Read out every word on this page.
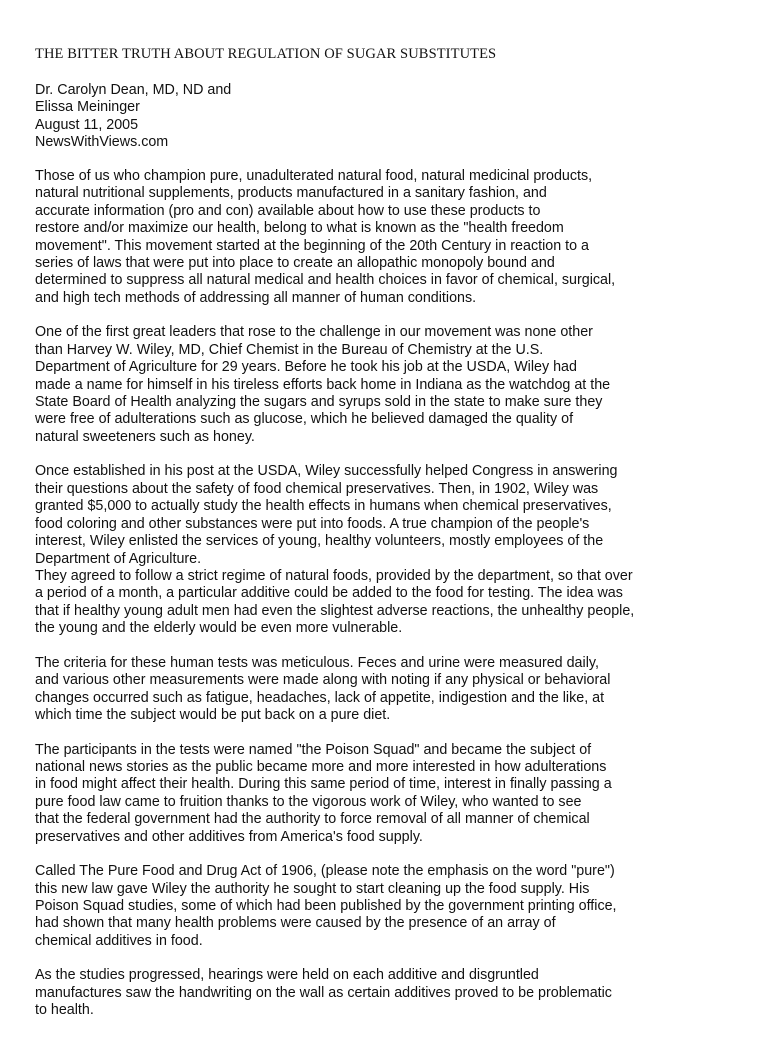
THE BITTER TRUTH ABOUT REGULATION OF SUGAR SUBSTITUTES
Dr. Carolyn Dean, MD, ND and
Elissa Meininger
August 11, 2005
NewsWithViews.com

Those of us who champion pure, unadulterated natural food, natural medicinal products,
natural nutritional supplements, products manufactured in a sanitary fashion, and
accurate information (pro and con) available about how to use these products to
restore and/or maximize our health, belong to what is known as the "health freedom
movement". This movement started at the beginning of the 20th Century in reaction to a
series of laws that were put into place to create an allopathic monopoly bound and
determined to suppress all natural medical and health choices in favor of chemical, surgical,
and high tech methods of addressing all manner of human conditions.

One of the first great leaders that rose to the challenge in our movement was none other
than Harvey W. Wiley, MD, Chief Chemist in the Bureau of Chemistry at the U.S.
Department of Agriculture for 29 years. Before he took his job at the USDA, Wiley had
made a name for himself in his tireless efforts back home in Indiana as the watchdog at the
State Board of Health analyzing the sugars and syrups sold in the state to make sure they
were free of adulterations such as glucose, which he believed damaged the quality of
natural sweeteners such as honey.

Once established in his post at the USDA, Wiley successfully helped Congress in answering
their questions about the safety of food chemical preservatives. Then, in 1902, Wiley was
granted $5,000 to actually study the health effects in humans when chemical preservatives,
food coloring and other substances were put into foods. A true champion of the people's
interest, Wiley enlisted the services of young, healthy volunteers, mostly employees of the
Department of Agriculture.

They agreed to follow a strict regime of natural foods, provided by the department, so that over
a period of a month, a particular additive could be added to the food for testing. The idea was
that if healthy young adult men had even the slightest adverse reactions, the unhealthy people,
the young and the elderly would be even more vulnerable.

The criteria for these human tests was meticulous. Feces and urine were measured daily,
and various other measurements were made along with noting if any physical or behavioral
changes occurred such as fatigue, headaches, lack of appetite, indigestion and the like, at
which time the subject would be put back on a pure diet.

The participants in the tests were named "the Poison Squad" and became the subject of
national news stories as the public became more and more interested in how adulterations
in food might affect their health. During this same period of time, interest in finally passing a
pure food law came to fruition thanks to the vigorous work of Wiley, who wanted to see
that the federal government had the authority to force removal of all manner of chemical
preservatives and other additives from America's food supply.

Called The Pure Food and Drug Act of 1906, (please note the emphasis on the word "pure")
this new law gave Wiley the authority he sought to start cleaning up the food supply. His
Poison Squad studies, some of which had been published by the government printing office,
had shown that many health problems were caused by the presence of an array of
chemical additives in food.

As the studies progressed, hearings were held on each additive and disgruntled
manufactures saw the handwriting on the wall as certain additives proved to be problematic
to health.
